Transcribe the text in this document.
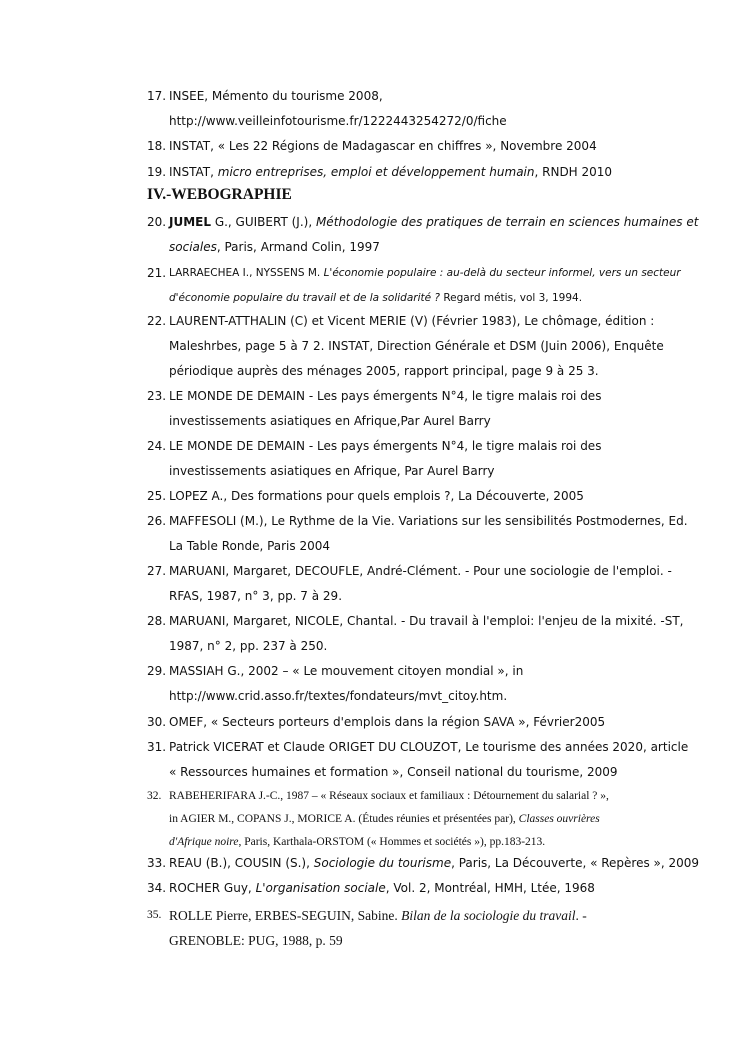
17. INSEE, Mémento du tourisme 2008,
http://www.veilleinfotourisme.fr/1222443254272/0/fiche
18. INSTAT, « Les 22 Régions de Madagascar en chiffres », Novembre 2004
19. INSTAT, micro entreprises, emploi et développement humain, RNDH 2010
IV.-WEBOGRAPHIE
20. JUMEL G., GUIBERT (J.), Méthodologie des pratiques de terrain en sciences humaines et
sociales, Paris, Armand Colin, 1997
21. LARRAECHEA I., NYSSENS M. L'économie populaire : au-delà du secteur informel, vers un secteur
d'économie populaire du travail et de la solidarité ? Regard métis, vol 3, 1994.
22. LAURENT-ATTHALIN (C) et Vicent MERIE (V) (Février 1983), Le chômage, édition :
Maleshrbes, page 5 à 7 2. INSTAT, Direction Générale et DSM (Juin 2006), Enquête
périodique auprès des ménages 2005, rapport principal, page 9 à 25 3.
23. LE MONDE DE DEMAIN - Les pays émergents N°4, le tigre malais roi des
investissements asiatiques en Afrique,Par Aurel Barry
24. LE MONDE DE DEMAIN - Les pays émergents N°4, le tigre malais roi des
investissements asiatiques en Afrique, Par Aurel Barry
25. LOPEZ A., Des formations pour quels emplois ?, La Découverte, 2005
26. MAFFESOLI (M.), Le Rythme de la Vie. Variations sur les sensibilités Postmodernes, Ed.
La Table Ronde, Paris 2004
27. MARUANI, Margaret, DECOUFLE, André-Clément. - Pour une sociologie de l'emploi. -
RFAS, 1987, n° 3, pp. 7 à 29.
28. MARUANI, Margaret, NICOLE, Chantal. - Du travail à l'emploi: l'enjeu de la mixité. -ST,
1987, n° 2, pp. 237 à 250.
29. MASSIAH G., 2002 – « Le mouvement citoyen mondial », in
http://www.crid.asso.fr/textes/fondateurs/mvt_citoy.htm.
30. OMEF, « Secteurs porteurs d'emplois dans la région SAVA », Février2005
31. Patrick VICERAT et Claude ORIGET DU CLOUZOT, Le tourisme des années 2020, article
« Ressources humaines et formation », Conseil national du tourisme, 2009
32. RABEHERIFARA J.-C., 1987 – « Réseaux sociaux et familiaux : Détournement du salarial ? »,
in AGIER M., COPANS J., MORICE A. (Études réunies et présentées par), Classes ouvrières
d'Afrique noire, Paris, Karthala-ORSTOM (« Hommes et sociétés »), pp.183-213.
33. REAU (B.), COUSIN (S.), Sociologie du tourisme, Paris, La Découverte, « Repères », 2009
34. ROCHER Guy, L'organisation sociale, Vol. 2, Montréal, HMH, Ltée, 1968
35. ROLLE Pierre, ERBES-SEGUIN, Sabine. Bilan de la sociologie du travail. -
GRENOBLE: PUG, 1988, p. 59
